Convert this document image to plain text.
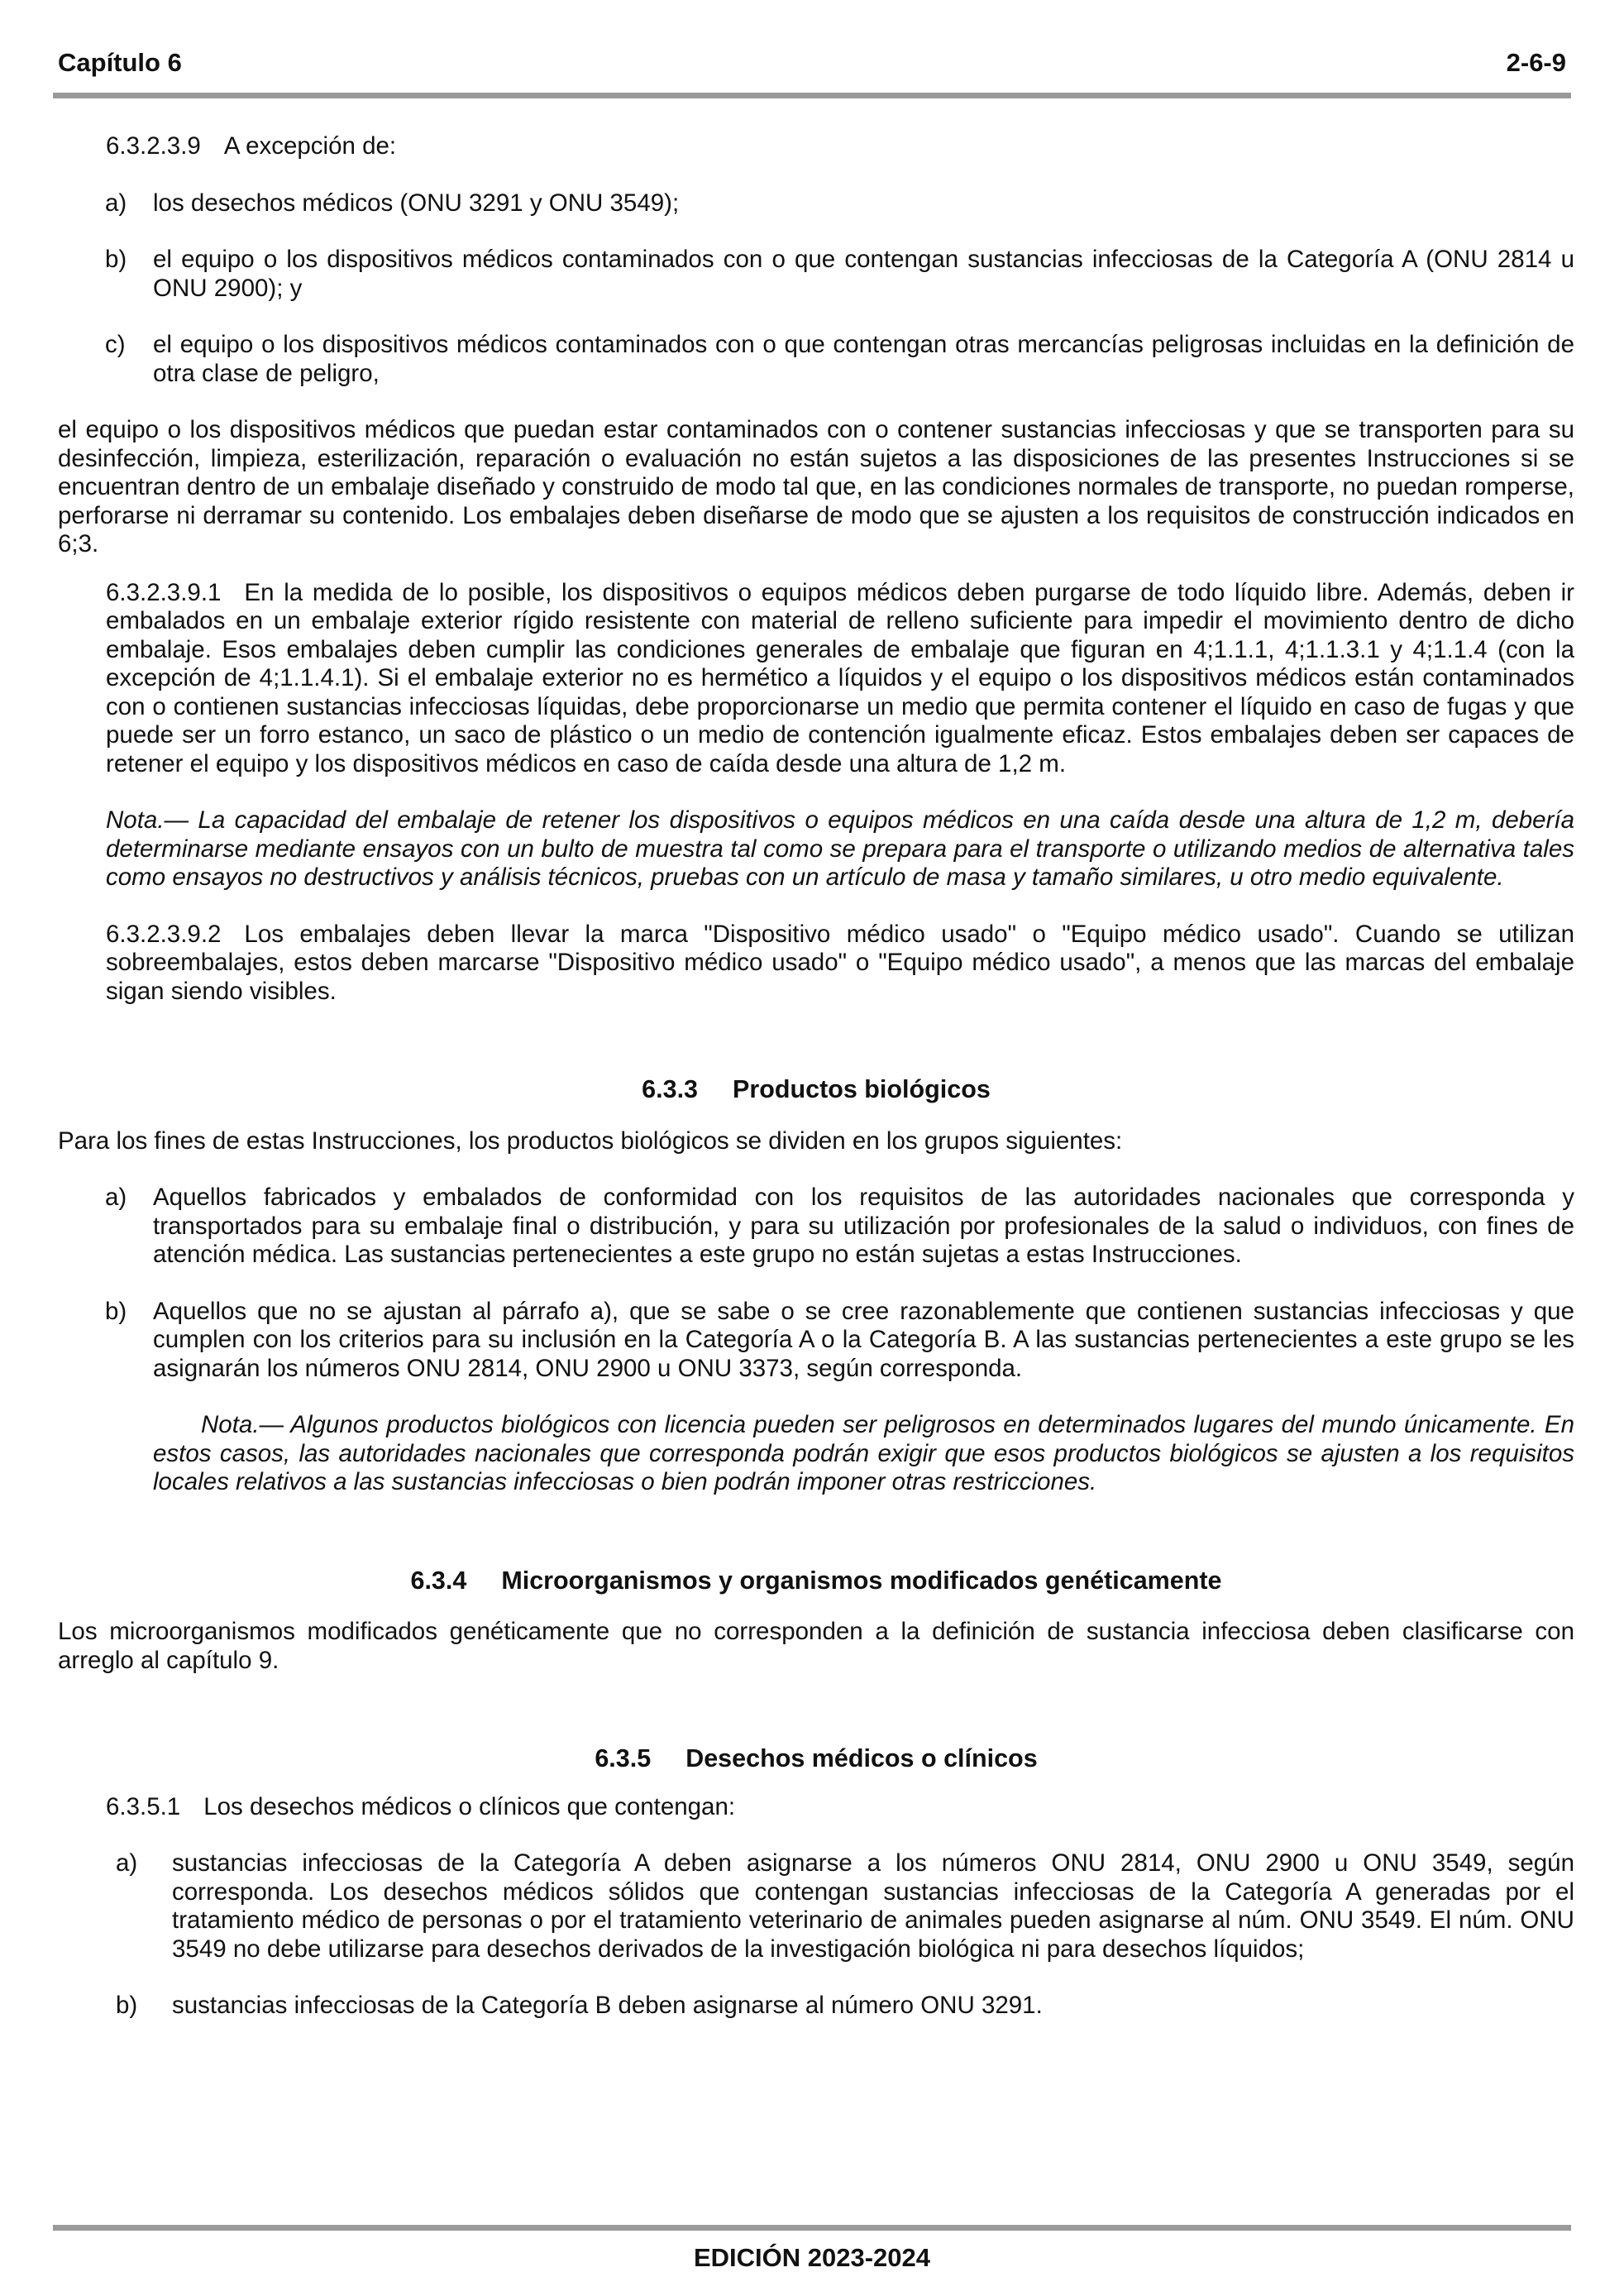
Capítulo 6	2-6-9

6.3.2.3.9 A excepción de:

a) los desechos médicos (ONU 3291 y ONU 3549);

b) el equipo o los dispositivos médicos contaminados con o que contengan sustancias infecciosas de la Categoría A (ONU 2814 u ONU 2900); y

c) el equipo o los dispositivos médicos contaminados con o que contengan otras mercancías peligrosas incluidas en la definición de otra clase de peligro,

el equipo o los dispositivos médicos que puedan estar contaminados con o contener sustancias infecciosas y que se transporten para su desinfección, limpieza, esterilización, reparación o evaluación no están sujetos a las disposiciones de las presentes Instrucciones si se encuentran dentro de un embalaje diseñado y construido de modo tal que, en las condiciones normales de transporte, no puedan romperse, perforarse ni derramar su contenido. Los embalajes deben diseñarse de modo que se ajusten a los requisitos de construcción indicados en 6;3.

6.3.2.3.9.1 En la medida de lo posible, los dispositivos o equipos médicos deben purgarse de todo líquido libre. Además, deben ir embalados en un embalaje exterior rígido resistente con material de relleno suficiente para impedir el movimiento dentro de dicho embalaje. Esos embalajes deben cumplir las condiciones generales de embalaje que figuran en 4;1.1.1, 4;1.1.3.1 y 4;1.1.4 (con la excepción de 4;1.1.4.1). Si el embalaje exterior no es hermético a líquidos y el equipo o los dispositivos médicos están contaminados con o contienen sustancias infecciosas líquidas, debe proporcionarse un medio que permita contener el líquido en caso de fugas y que puede ser un forro estanco, un saco de plástico o un medio de contención igualmente eficaz. Estos embalajes deben ser capaces de retener el equipo y los dispositivos médicos en caso de caída desde una altura de 1,2 m.

Nota.— La capacidad del embalaje de retener los dispositivos o equipos médicos en una caída desde una altura de 1,2 m, debería determinarse mediante ensayos con un bulto de muestra tal como se prepara para el transporte o utilizando medios de alternativa tales como ensayos no destructivos y análisis técnicos, pruebas con un artículo de masa y tamaño similares, u otro medio equivalente.

6.3.2.3.9.2 Los embalajes deben llevar la marca "Dispositivo médico usado" o "Equipo médico usado". Cuando se utilizan sobreembalajes, estos deben marcarse "Dispositivo médico usado" o "Equipo médico usado", a menos que las marcas del embalaje sigan siendo visibles.

6.3.3 Productos biológicos

Para los fines de estas Instrucciones, los productos biológicos se dividen en los grupos siguientes:

a) Aquellos fabricados y embalados de conformidad con los requisitos de las autoridades nacionales que corresponda y transportados para su embalaje final o distribución, y para su utilización por profesionales de la salud o individuos, con fines de atención médica. Las sustancias pertenecientes a este grupo no están sujetas a estas Instrucciones.

b) Aquellos que no se ajustan al párrafo a), que se sabe o se cree razonablemente que contienen sustancias infecciosas y que cumplen con los criterios para su inclusión en la Categoría A o la Categoría B. A las sustancias pertenecientes a este grupo se les asignarán los números ONU 2814, ONU 2900 u ONU 3373, según corresponda.

Nota.— Algunos productos biológicos con licencia pueden ser peligrosos en determinados lugares del mundo únicamente. En estos casos, las autoridades nacionales que corresponda podrán exigir que esos productos biológicos se ajusten a los requisitos locales relativos a las sustancias infecciosas o bien podrán imponer otras restricciones.

6.3.4 Microorganismos y organismos modificados genéticamente

Los microorganismos modificados genéticamente que no corresponden a la definición de sustancia infecciosa deben clasificarse con arreglo al capítulo 9.

6.3.5 Desechos médicos o clínicos

6.3.5.1 Los desechos médicos o clínicos que contengan:

a) sustancias infecciosas de la Categoría A deben asignarse a los números ONU 2814, ONU 2900 u ONU 3549, según corresponda. Los desechos médicos sólidos que contengan sustancias infecciosas de la Categoría A generadas por el tratamiento médico de personas o por el tratamiento veterinario de animales pueden asignarse al núm. ONU 3549. El núm. ONU 3549 no debe utilizarse para desechos derivados de la investigación biológica ni para desechos líquidos;

b) sustancias infecciosas de la Categoría B deben asignarse al número ONU 3291.

EDICIÓN 2023-2024
